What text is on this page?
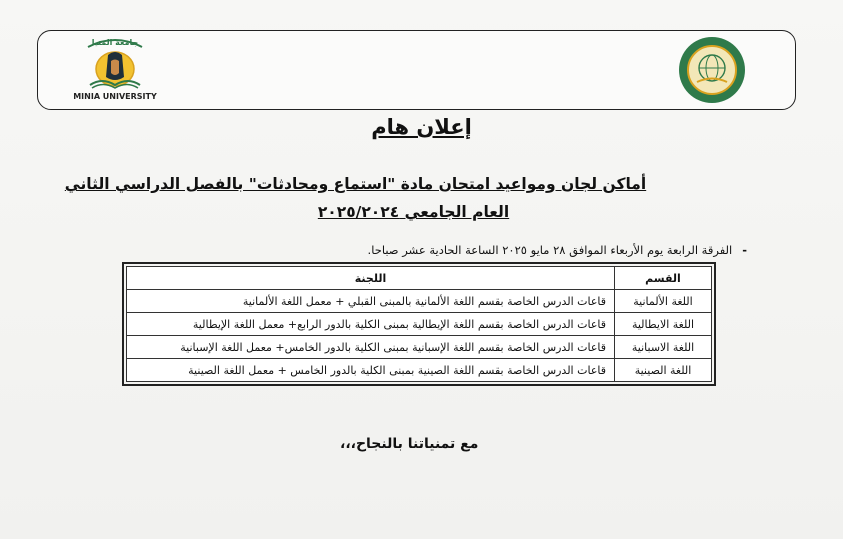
جامعة المنيا
MINIA UNIVERSITY
إعلان هام
أماكن لجان ومواعيد امتحان مادة "استماع ومحادثات" بالفصل الدراسي الثاني
العام الجامعي ٢٠٢٥/٢٠٢٤
-الفرقة الرابعة يوم الأربعاء الموافق ٢٨ مايو ٢٠٢٥ الساعة الحادية عشر صباحا.
القسم	اللجنة
اللغة الألمانية	قاعات الدرس الخاصة بقسم اللغة الألمانية بالمبنى القبلي + معمل اللغة الألمانية
اللغة الايطالية	قاعات الدرس الخاصة بقسم اللغة الإيطالية بمبنى الكلية بالدور الرابع+ معمل اللغة الإيطالية
اللغة الاسبانية	قاعات الدرس الخاصة بقسم اللغة الإسبانية بمبنى الكلية بالدور الخامس+ معمل اللغة الإسبانية
اللغة الصينية	قاعات الدرس الخاصة بقسم اللغة الصينية بمبنى الكلية بالدور الخامس + معمل اللغة الصينية
مع تمنياتنا بالنجاح،،،
